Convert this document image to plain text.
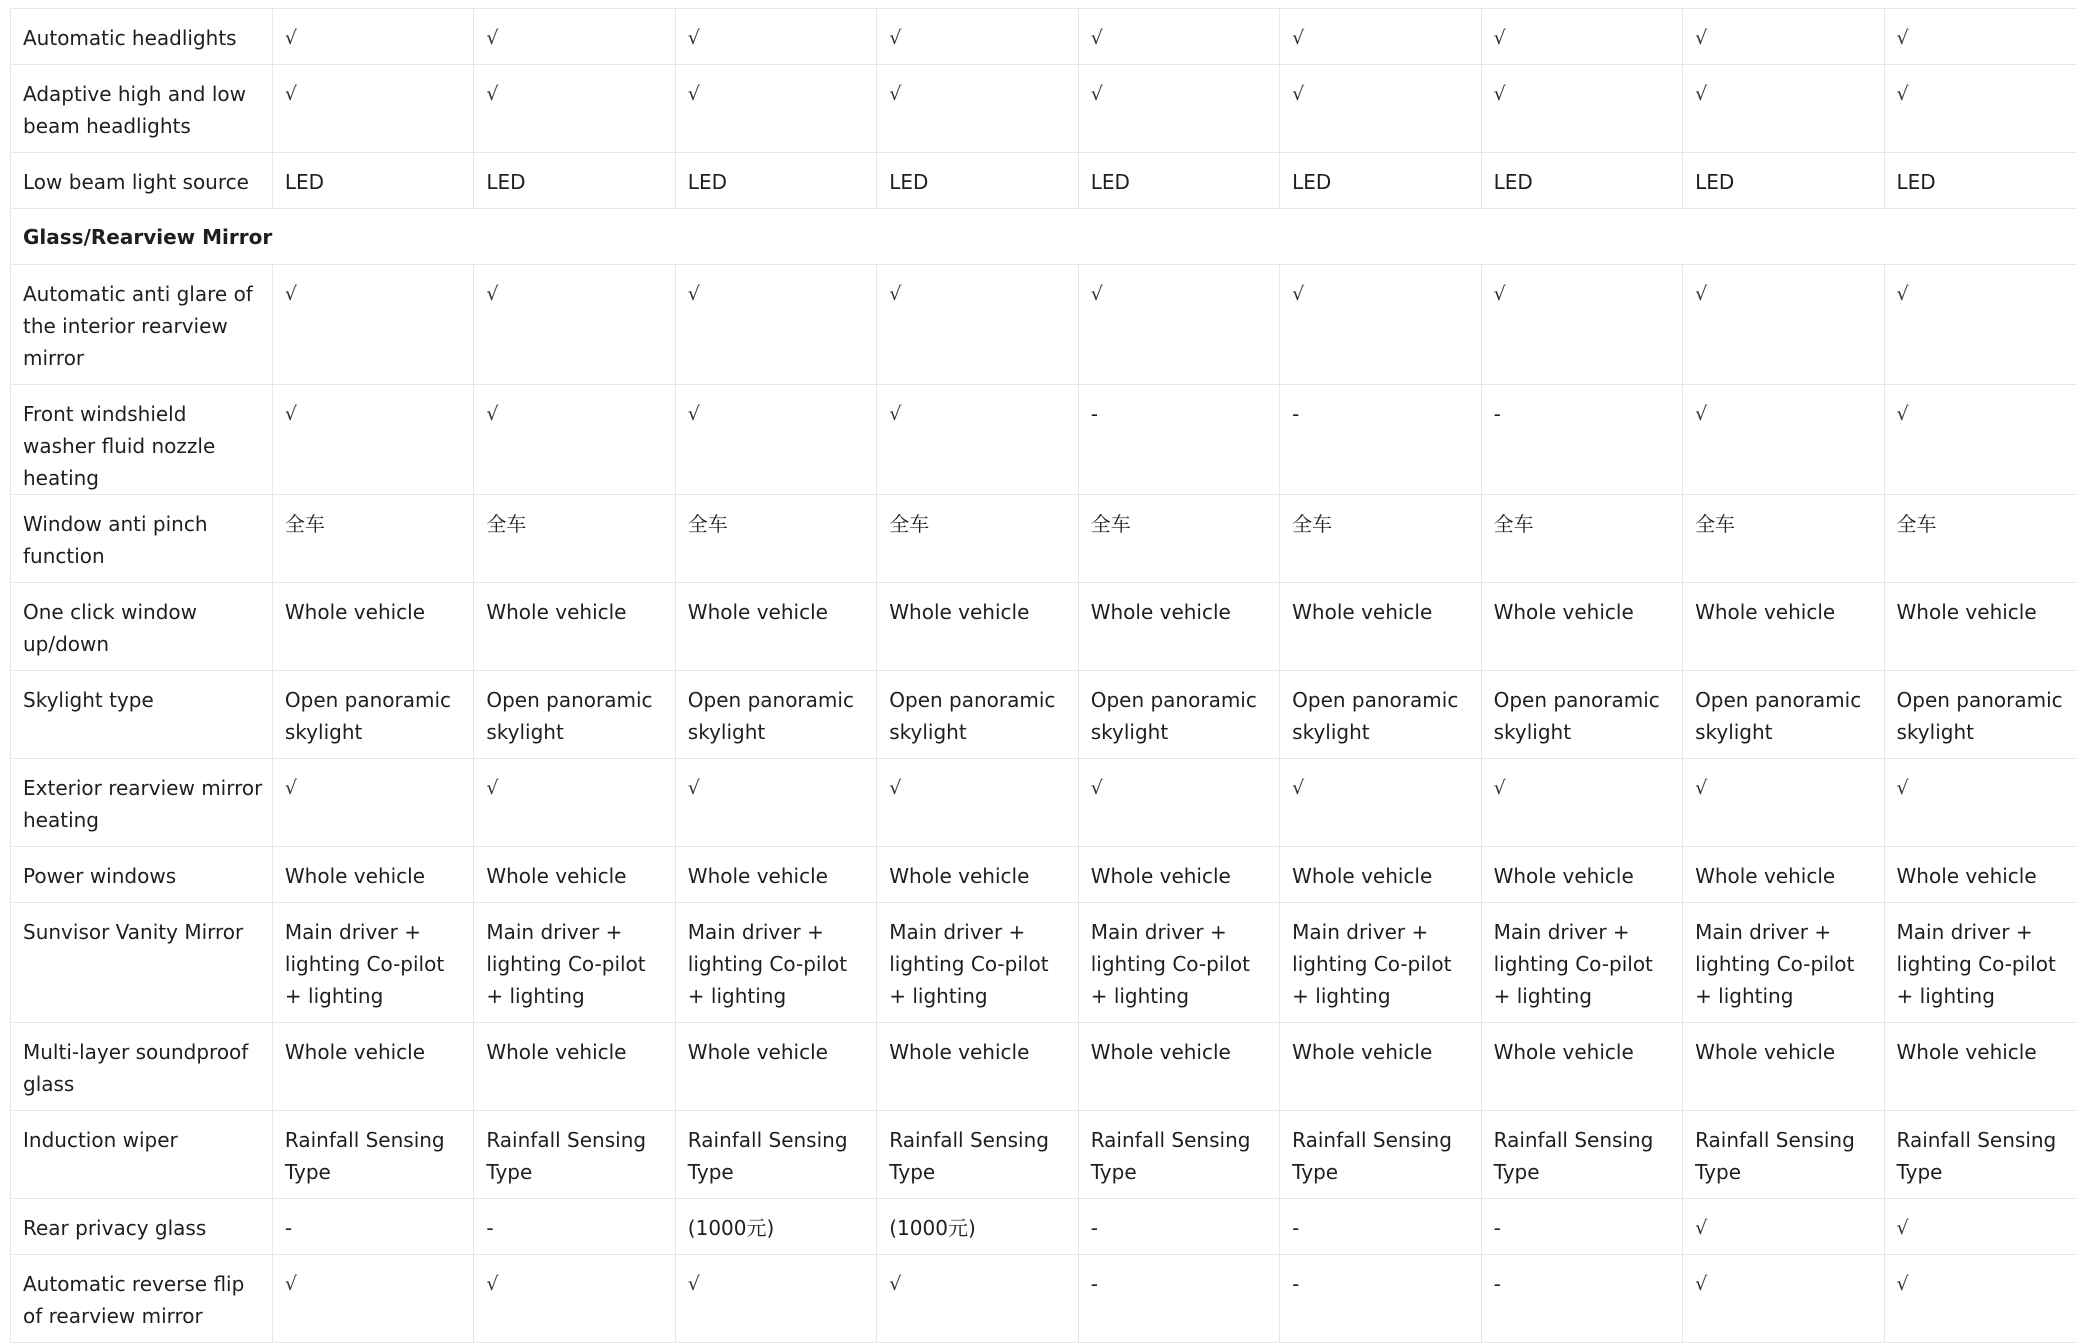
Automatic headlights	√	√	√	√	√	√	√	√	√
Adaptive high and low beam headlights	√	√	√	√	√	√	√	√	√
Low beam light source	LED	LED	LED	LED	LED	LED	LED	LED	LED
Glass/Rearview Mirror									
Automatic anti glare of the interior rearview mirror	√	√	√	√	√	√	√	√	√
Front windshield washer fluid nozzle heating	√	√	√	√	-	-	-	√	√
Window anti pinch function	全车	全车	全车	全车	全车	全车	全车	全车	全车
One click window up/down	Whole vehicle	Whole vehicle	Whole vehicle	Whole vehicle	Whole vehicle	Whole vehicle	Whole vehicle	Whole vehicle	Whole vehicle
Skylight type	Open panoramic skylight	Open panoramic skylight	Open panoramic skylight	Open panoramic skylight	Open panoramic skylight	Open panoramic skylight	Open panoramic skylight	Open panoramic skylight	Open panoramic skylight
Exterior rearview mirror heating	√	√	√	√	√	√	√	√	√
Power windows	Whole vehicle	Whole vehicle	Whole vehicle	Whole vehicle	Whole vehicle	Whole vehicle	Whole vehicle	Whole vehicle	Whole vehicle
Sunvisor Vanity Mirror	Main driver + lighting Co-pilot + lighting	Main driver + lighting Co-pilot + lighting	Main driver + lighting Co-pilot + lighting	Main driver + lighting Co-pilot + lighting	Main driver + lighting Co-pilot + lighting	Main driver + lighting Co-pilot + lighting	Main driver + lighting Co-pilot + lighting	Main driver + lighting Co-pilot + lighting	Main driver + lighting Co-pilot + lighting
Multi-layer soundproof glass	Whole vehicle	Whole vehicle	Whole vehicle	Whole vehicle	Whole vehicle	Whole vehicle	Whole vehicle	Whole vehicle	Whole vehicle
Induction wiper	Rainfall Sensing Type	Rainfall Sensing Type	Rainfall Sensing Type	Rainfall Sensing Type	Rainfall Sensing Type	Rainfall Sensing Type	Rainfall Sensing Type	Rainfall Sensing Type	Rainfall Sensing Type
Rear privacy glass	-	-	(1000元)	(1000元)	-	-	-	√	√
Automatic reverse flip of rearview mirror	√	√	√	√	-	-	-	√	√
